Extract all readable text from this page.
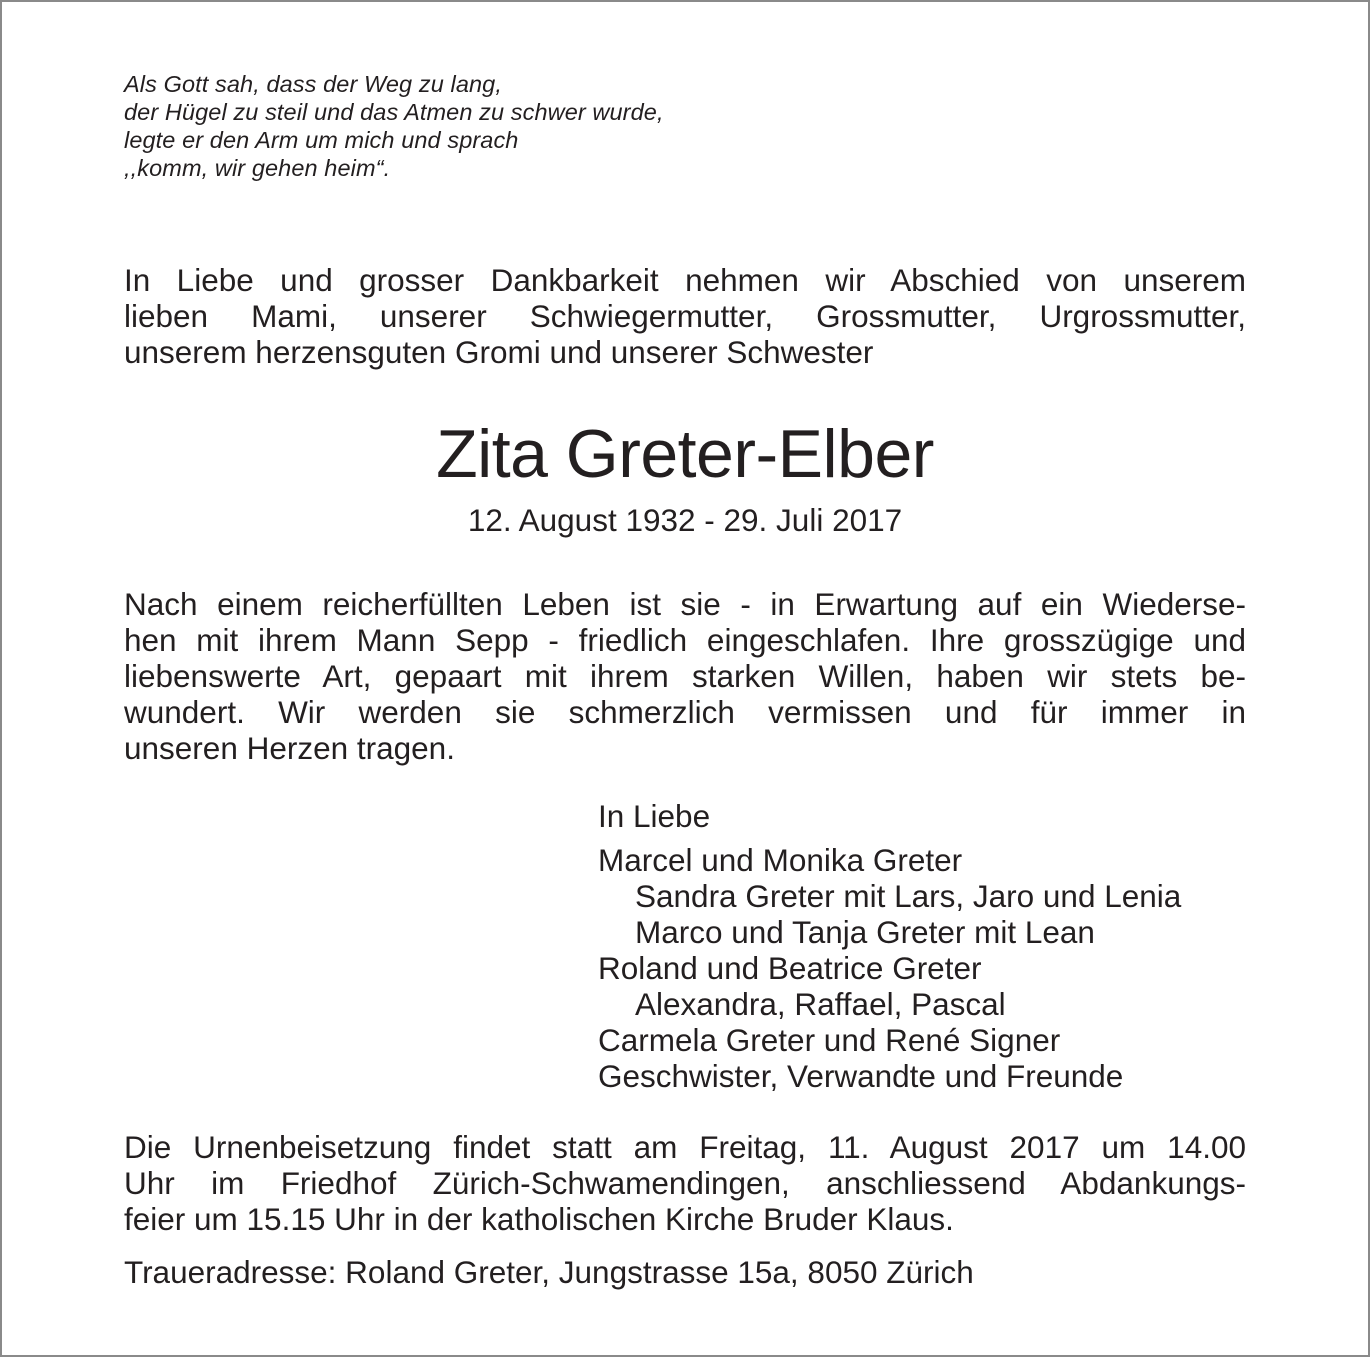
Als Gott sah, dass der Weg zu lang,
der Hügel zu steil und das Atmen zu schwer wurde,
legte er den Arm um mich und sprach
,,komm, wir gehen heim“.
In Liebe und grosser Dankbarkeit nehmen wir Abschied von unserem
lieben Mami, unserer Schwiegermutter, Grossmutter, Urgrossmutter,
unserem herzensguten Gromi und unserer Schwester
Zita Greter-Elber
12. August 1932 - 29. Juli 2017
Nach einem reicherfüllten Leben ist sie - in Erwartung auf ein Wiederse-
hen mit ihrem Mann Sepp - friedlich eingeschlafen. Ihre grosszügige und
liebenswerte Art, gepaart mit ihrem starken Willen, haben wir stets be-
wundert. Wir werden sie schmerzlich vermissen und für immer in
unseren Herzen tragen.
In Liebe
Marcel und Monika Greter
Sandra Greter mit Lars, Jaro und Lenia
Marco und Tanja Greter mit Lean
Roland und Beatrice Greter
Alexandra, Raffael, Pascal
Carmela Greter und René Signer
Geschwister, Verwandte und Freunde
Die Urnenbeisetzung findet statt am Freitag, 11. August 2017 um 14.00
Uhr im Friedhof Zürich-Schwamendingen, anschliessend Abdankungs-
feier um 15.15 Uhr in der katholischen Kirche Bruder Klaus.
Traueradresse: Roland Greter, Jungstrasse 15a, 8050 Zürich
